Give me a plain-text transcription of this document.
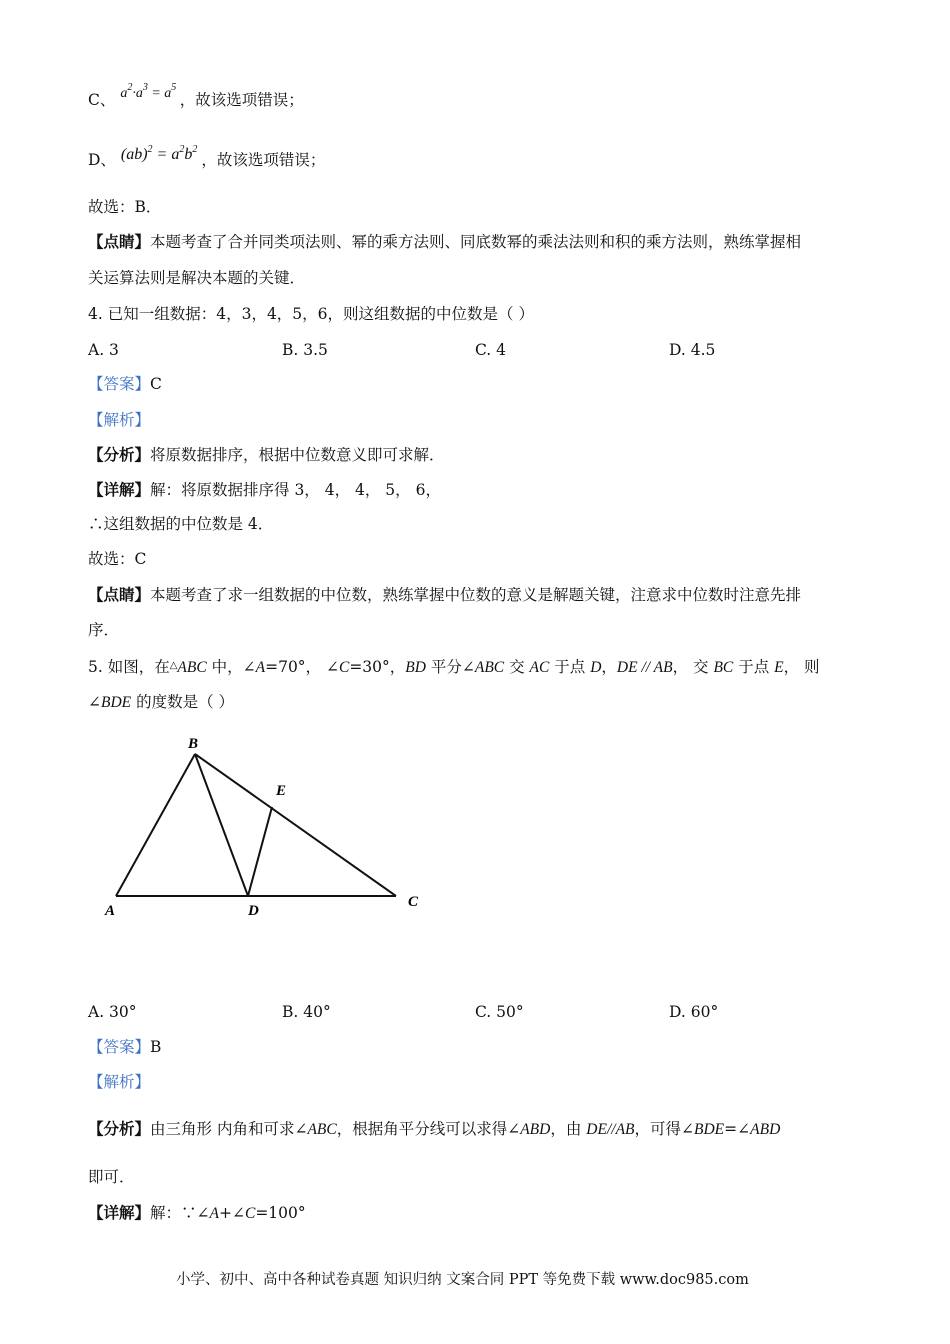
C、 $a^2\cdot a^3 = a^5$ ，故该选项错误；
D、 $(ab)^2 = a^2b^2$ ，故该选项错误；
故选：B．
【点睛】本题考查了合并同类项法则、幂的乘方法则、同底数幂的乘法法则和积的乘方法则，熟练掌握相
关运算法则是解决本题的关键．
4. 已知一组数据：4，3，4，5，6，则这组数据的中位数是（ ）
A. 3	B. 3.5	C. 4	D. 4.5
【答案】C
【解析】
【分析】将原数据排序，根据中位数意义即可求解．
【详解】解：将原数据排序得 3， 4， 4， 5， 6，
∴这组数据的中位数是 4．
故选：C
【点睛】本题考查了求一组数据的中位数，熟练掌握中位数的意义是解题关键，注意求中位数时注意先排
序．
5. 如图，在△ABC 中，∠A=70°， ∠C=30°，BD 平分∠ABC 交 AC 于点 D，DE // AB， 交 BC 于点 E， 则
∠BDE 的度数是（ ）
B
E
A	D
C
A. 30°	B. 40°	C. 50°	D. 60°
【答案】B
【解析】
【分析】由三角形 内角和可求∠ABC，根据角平分线可以求得∠ABD，由 DE//AB，可得∠BDE=∠ABD
即可．
【详解】解：∵∠A+∠C=100°
小学、初中、高中各种试卷真题 知识归纳 文案合同 PPT 等免费下载 www.doc985.com
